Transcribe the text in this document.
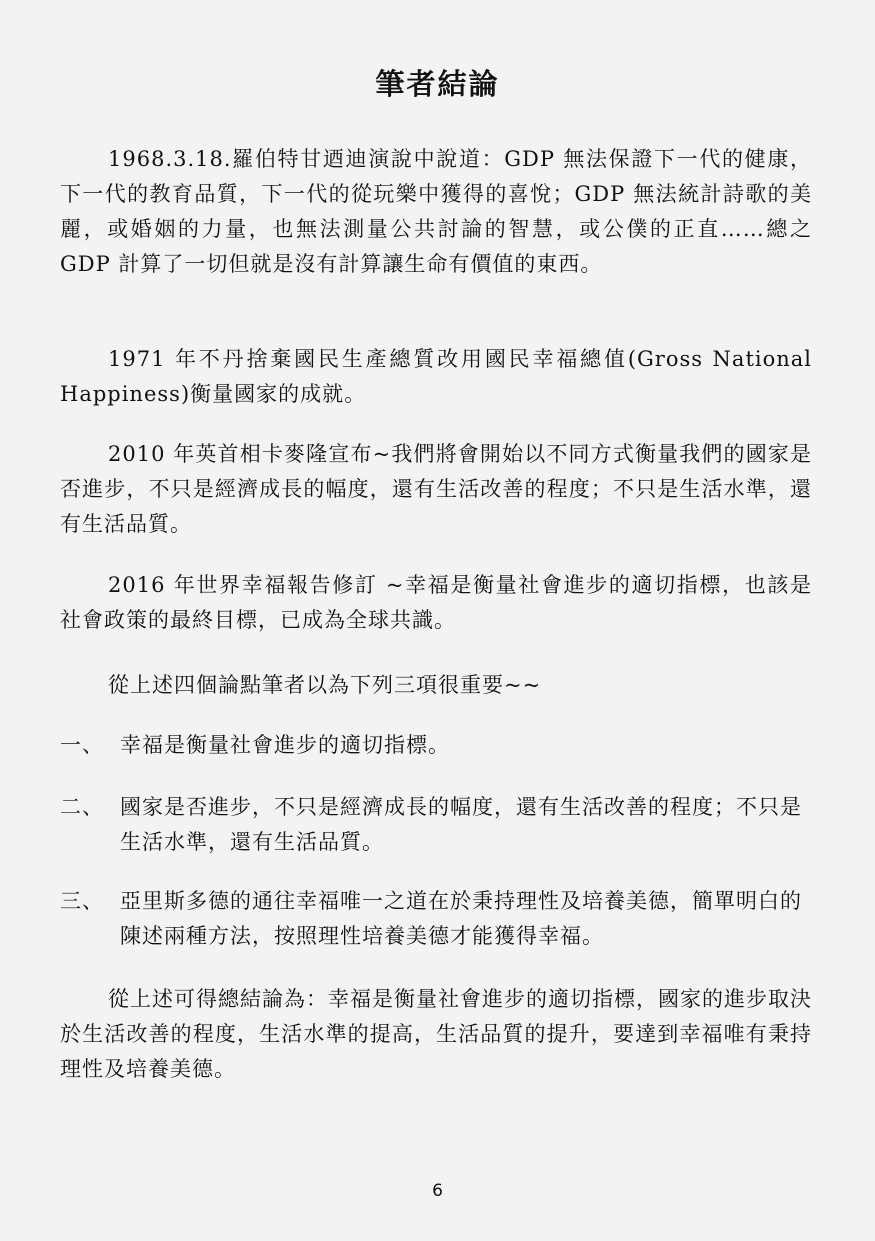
筆者結論
1968.3.18.羅伯特甘迺迪演說中說道：GDP 無法保證下一代的健康，下一代的教育品質，下一代的從玩樂中獲得的喜悅；GDP 無法統計詩歌的美麗，或婚姻的力量，也無法測量公共討論的智慧，或公僕的正直……總之 GDP 計算了一切但就是沒有計算讓生命有價值的東西。
1971 年不丹捨棄國民生產總質改用國民幸福總值(Gross National Happiness)衡量國家的成就。
2010 年英首相卡麥隆宣布~我們將會開始以不同方式衡量我們的國家是否進步，不只是經濟成長的幅度，還有生活改善的程度；不只是生活水準，還有生活品質。
2016 年世界幸福報告修訂 ~幸福是衡量社會進步的適切指標，也該是社會政策的最終目標，已成為全球共識。
從上述四個論點筆者以為下列三項很重要~~
一、 幸福是衡量社會進步的適切指標。
二、 國家是否進步，不只是經濟成長的幅度，還有生活改善的程度；不只是生活水準，還有生活品質。
三、 亞里斯多德的通往幸福唯一之道在於秉持理性及培養美德，簡單明白的陳述兩種方法，按照理性培養美德才能獲得幸福。
從上述可得總結論為：幸福是衡量社會進步的適切指標，國家的進步取決於生活改善的程度，生活水準的提高，生活品質的提升，要達到幸福唯有秉持理性及培養美德。
6
